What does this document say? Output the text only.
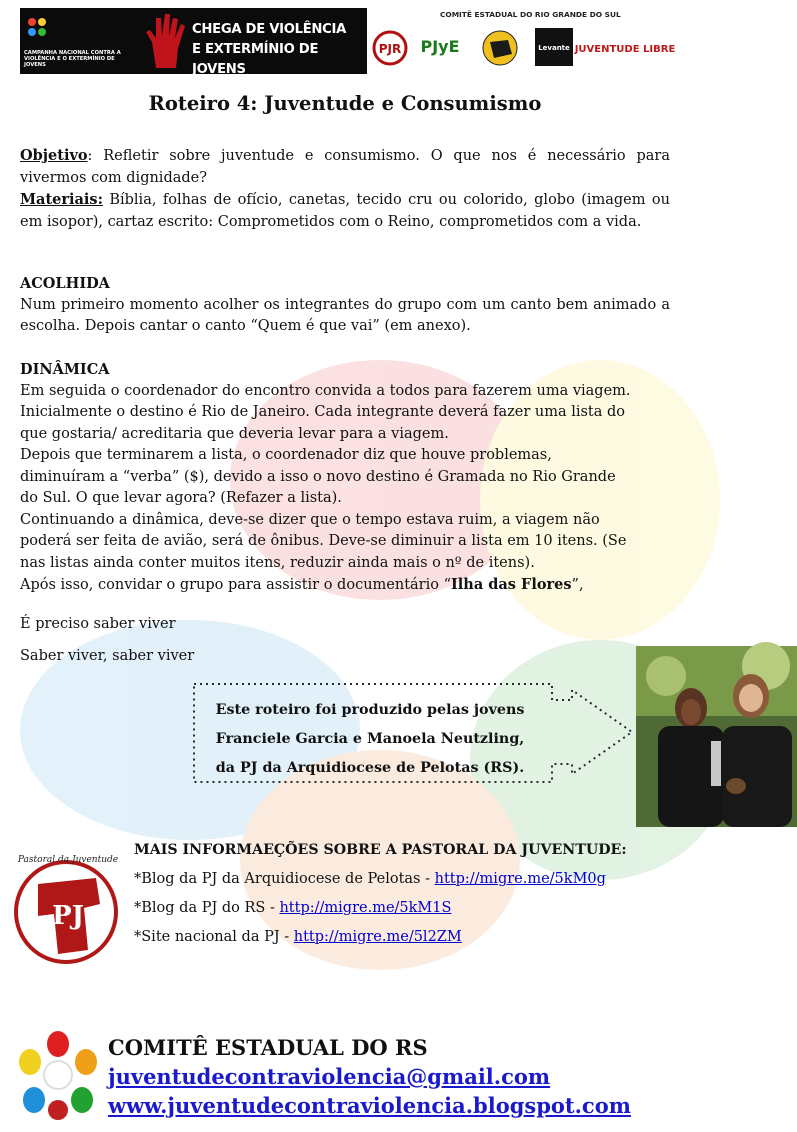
CAMPANHA NACIONAL CONTRA A VIOLÊNCIA E O EXTERMÍNIO DE JOVENS
CHEGA DE VIOLÊNCIA
E EXTERMÍNIO DE JOVENS
COMITÊ ESTADUAL DO RIO GRANDE DO SUL
PJR PJyE	Levante JUVENTUDE LIBRE
Roteiro 4: Juventude e Consumismo

Objetivo: Refletir sobre juventude e consumismo. O que nos é necessário para vivermos com dignidade?

Materiais: Bíblia, folhas de ofício, canetas, tecido cru ou colorido, globo (imagem ou em isopor), cartaz escrito: Comprometidos com o Reino, comprometidos com a vida.

ACOLHIDA

Num primeiro momento acolher os integrantes do grupo com um canto bem animado a escolha. Depois cantar o canto “Quem é que vai” (em anexo).

DINÂMICA

Em seguida o coordenador do encontro convida a todos para fazerem uma viagem.

Inicialmente o destino é Rio de Janeiro. Cada integrante deverá fazer uma lista do

que gostaria/ acreditaria que deveria levar para a viagem.

Depois que terminarem a lista, o coordenador diz que houve problemas,

diminuíram a “verba” ($), devido a isso o novo destino é Gramada no Rio Grande

do Sul. O que levar agora? (Refazer a lista).

Continuando a dinâmica, deve-se dizer que o tempo estava ruim, a viagem não

poderá ser feita de avião, será de ônibus. Deve-se diminuir a lista em 10 itens. (Se

nas listas ainda conter muitos itens, reduzir ainda mais o nº de itens).

Após isso, convidar o grupo para assistir o documentário “Ilha das Flores”,

É preciso saber viver
Saber viver, saber viver
Este roteiro foi produzido pelas jovens
Franciele Garcia e Manoela Neutzling,
da PJ da Arquidiocese de Pelotas (RS).
PJ
Pastoral da Juventude
MAIS INFORMAEÇÕES SOBRE A PASTORAL DA JUVENTUDE:
*Blog da PJ da Arquidiocese de Pelotas - http://migre.me/5kM0g
*Blog da PJ do RS - http://migre.me/5kM1S
*Site nacional da PJ - http://migre.me/5l2ZM
COMITÊ ESTADUAL DO RS
juventudecontraviolencia@gmail.com
www.juventudecontraviolencia.blogspot.com
